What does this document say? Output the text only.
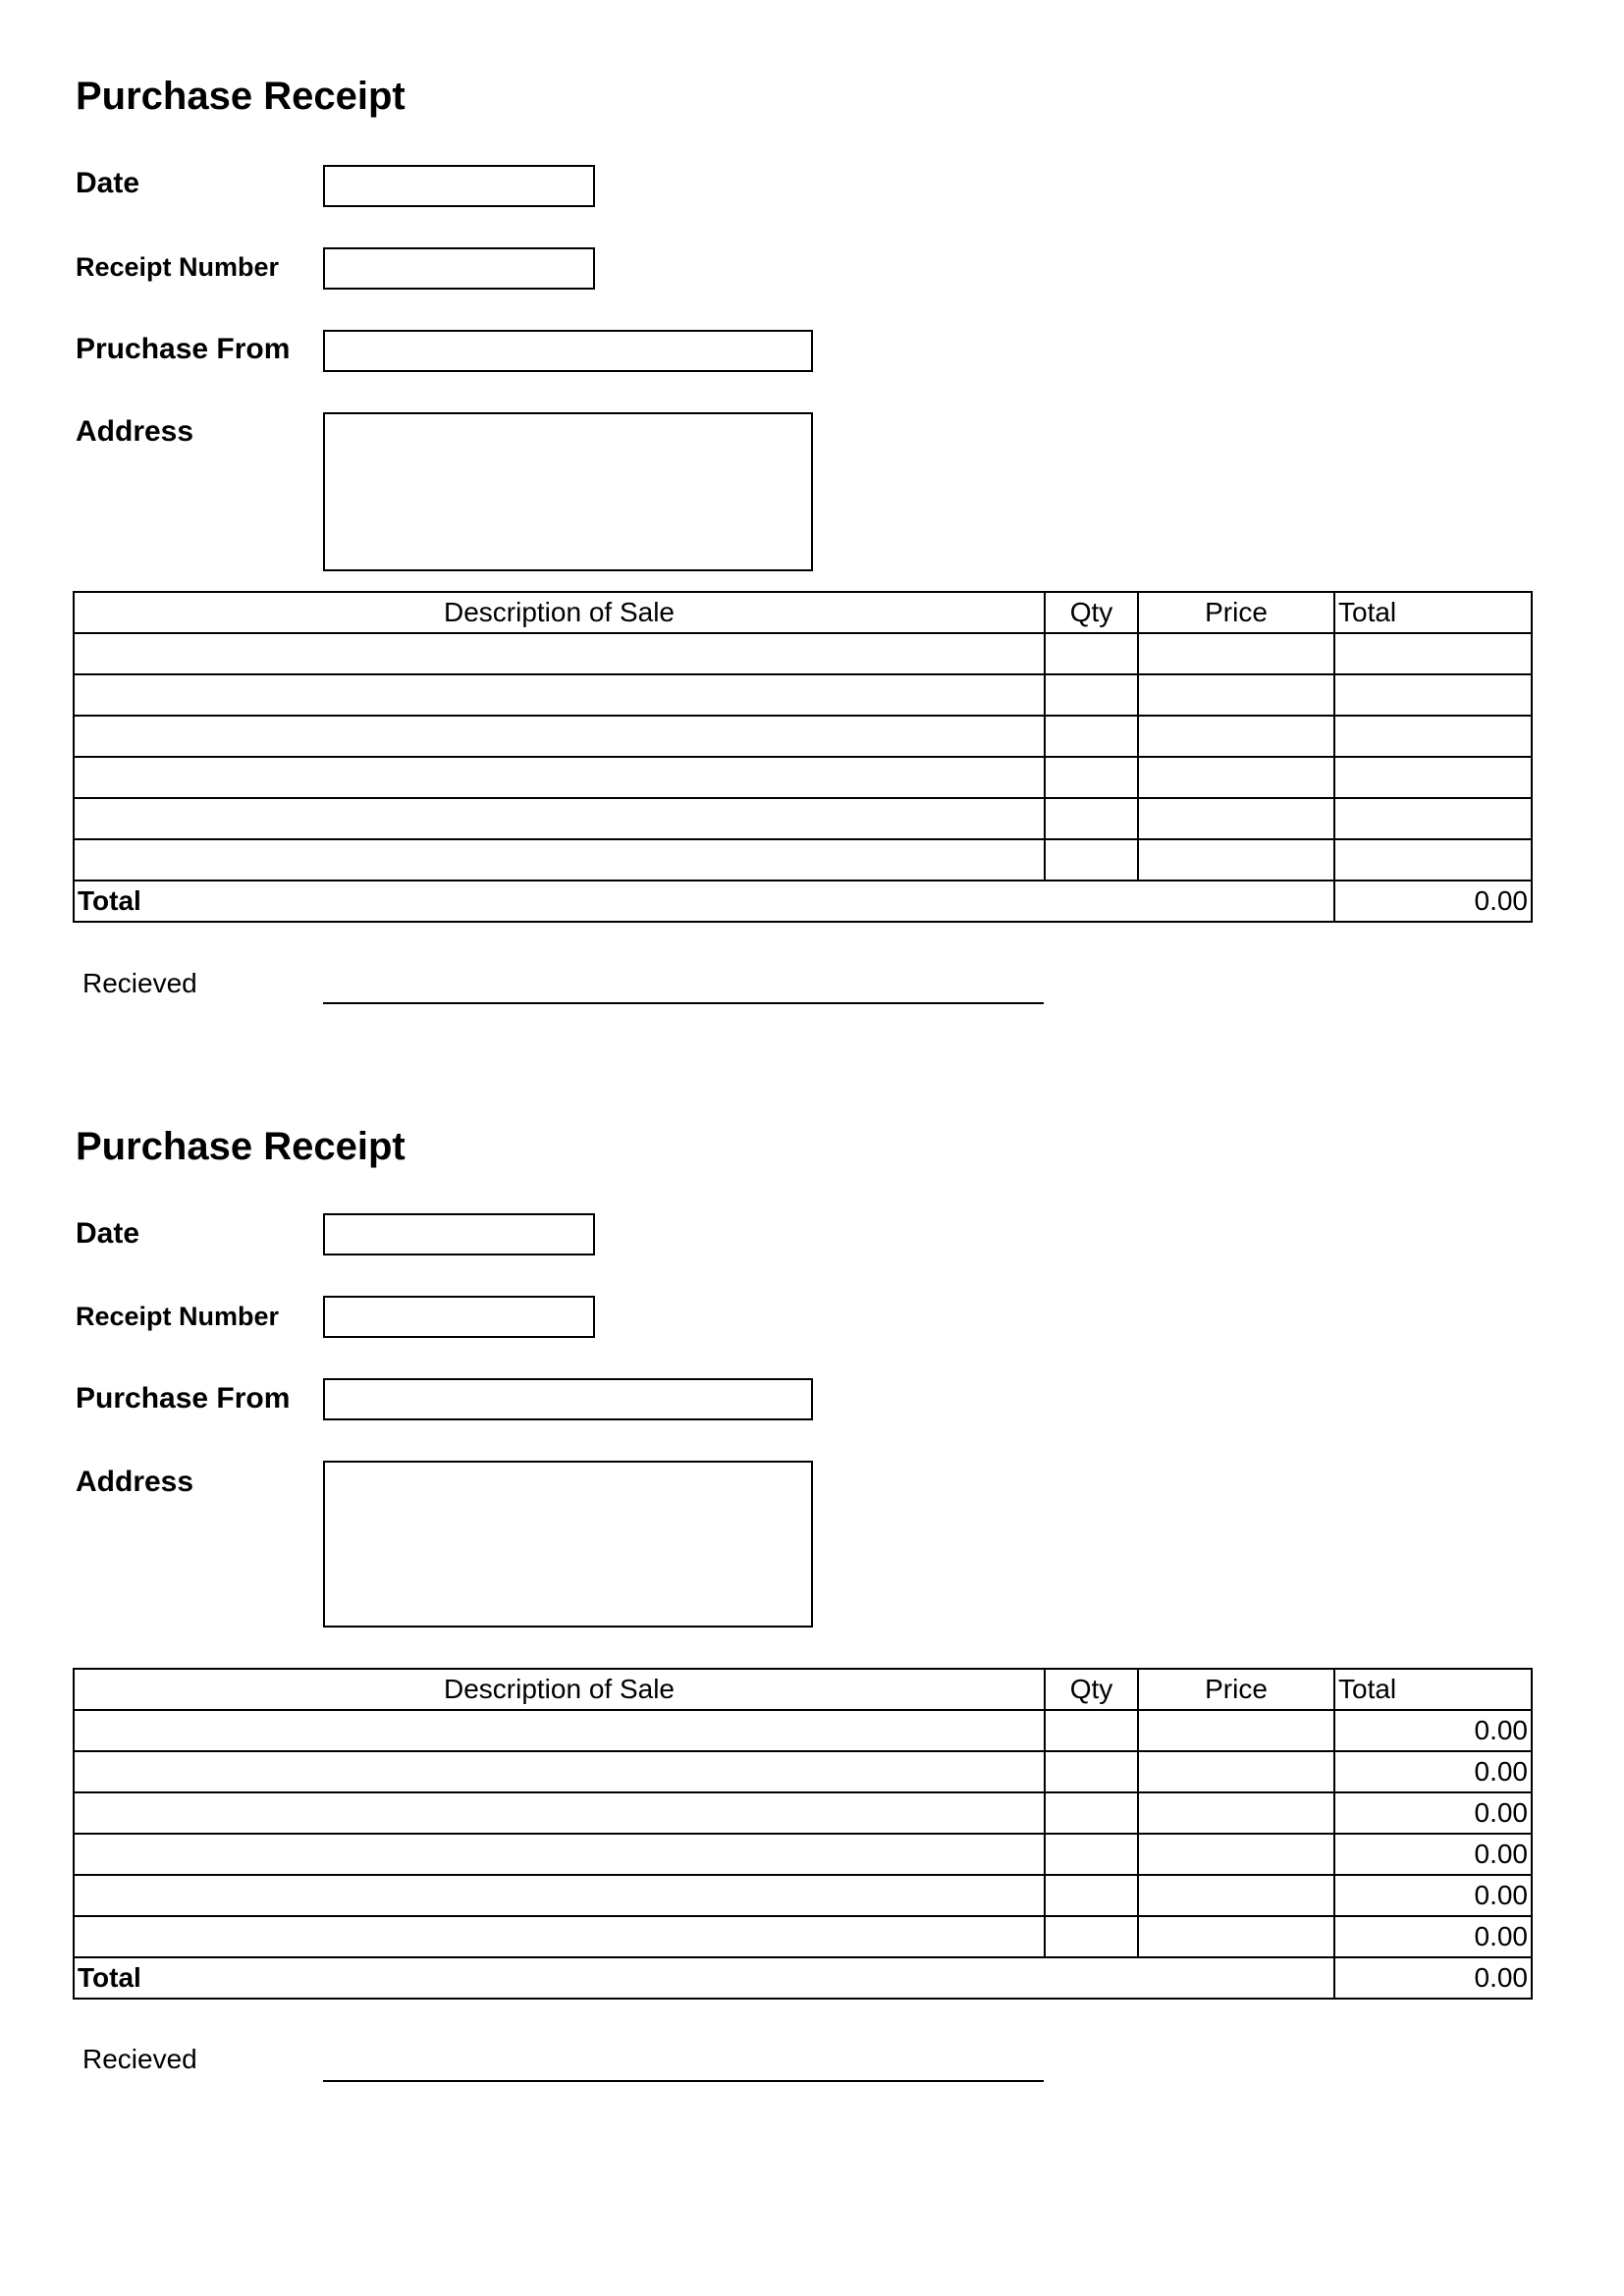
Purchase Receipt
Date
Receipt Number
Pruchase From
Address
Description of Sale	Qty	Price	Total

Total			0.00
Recieved
Purchase Receipt
Date
Receipt Number
Purchase From
Address
Description of Sale	Qty	Price	Total
			0.00
			0.00
			0.00
			0.00
			0.00
			0.00
Total			0.00
Recieved
